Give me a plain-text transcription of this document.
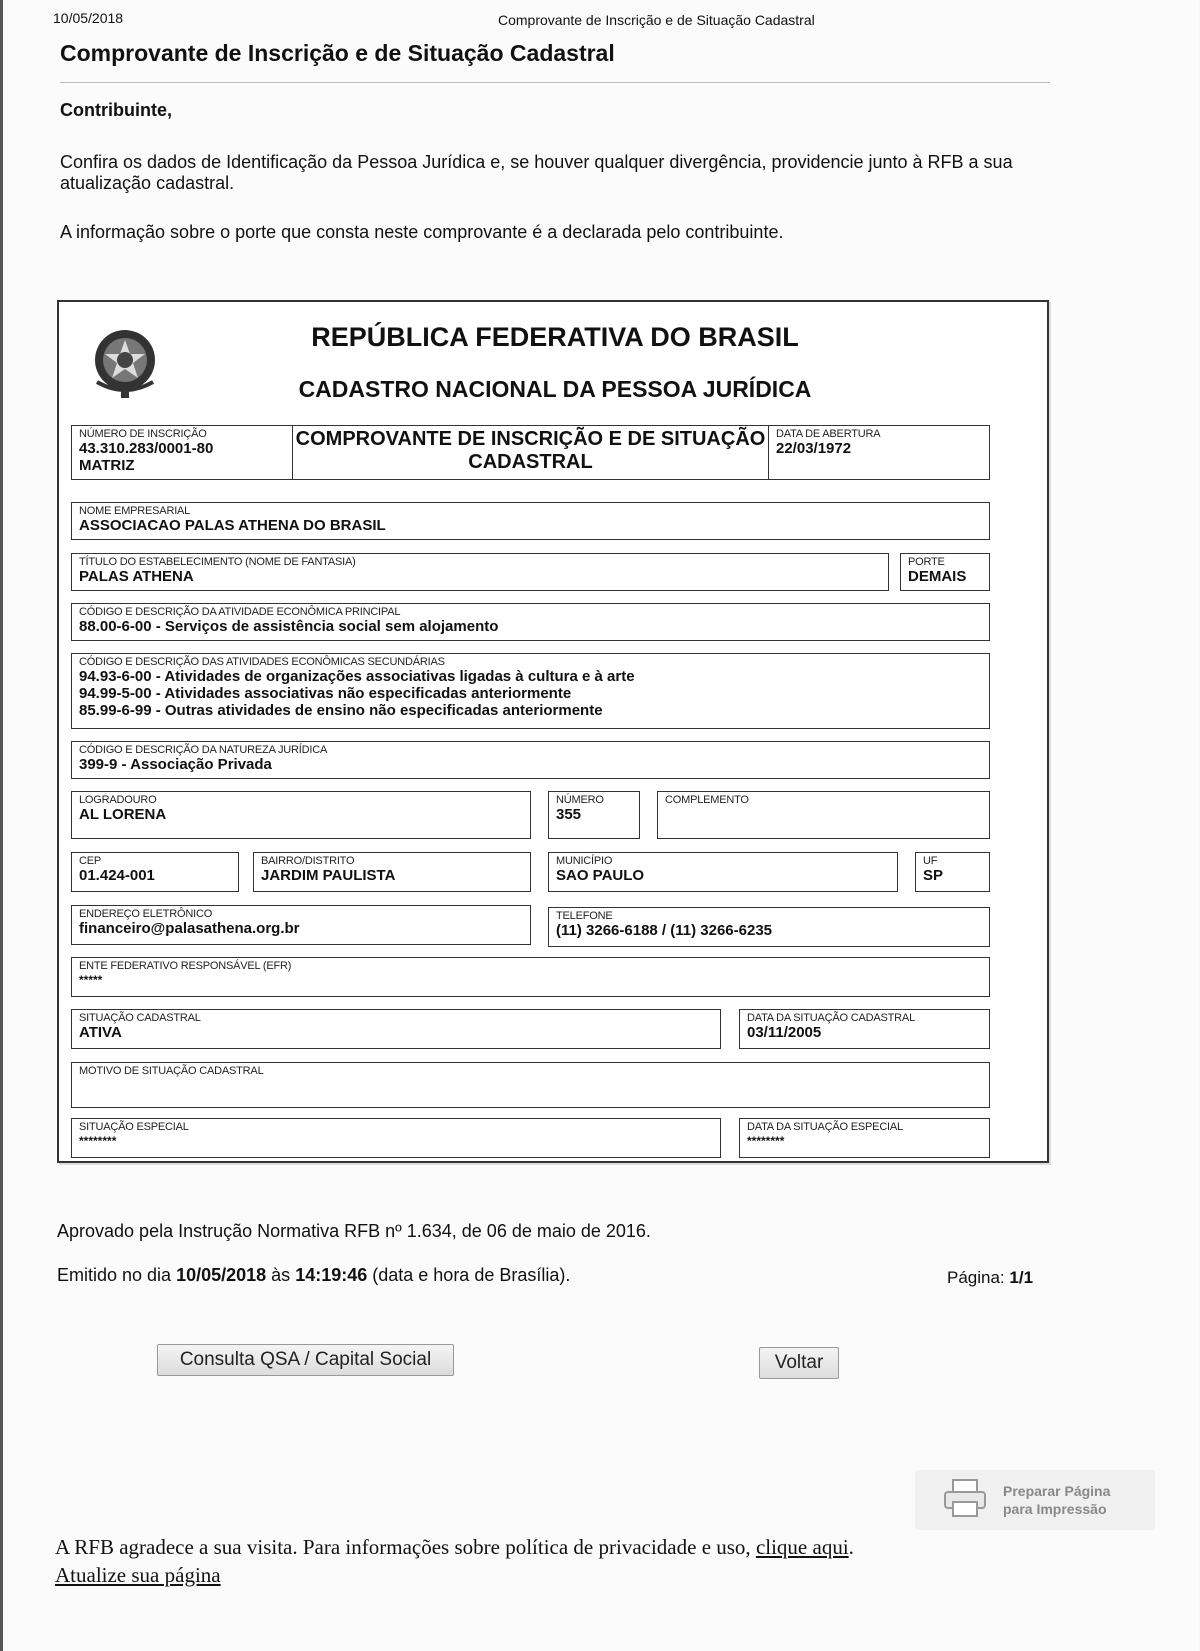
10/05/2018	Comprovante de Inscrição e de Situação Cadastral
Comprovante de Inscrição e de Situação Cadastral
Contribuinte,
Confira os dados de Identificação da Pessoa Jurídica e, se houver qualquer divergência, providencie junto à RFB a sua atualização cadastral.
A informação sobre o porte que consta neste comprovante é a declarada pelo contribuinte.
REPÚBLICA FEDERATIVA DO BRASIL
CADASTRO NACIONAL DA PESSOA JURÍDICA
NÚMERO DE INSCRIÇÃO
43.310.283/0001-80
MATRIZ
COMPROVANTE DE INSCRIÇÃO E DE SITUAÇÃO CADASTRAL
DATA DE ABERTURA
22/03/1972
NOME EMPRESARIAL
ASSOCIACAO PALAS ATHENA DO BRASIL
TÍTULO DO ESTABELECIMENTO (NOME DE FANTASIA)
PALAS ATHENA
PORTE
DEMAIS
CÓDIGO E DESCRIÇÃO DA ATIVIDADE ECONÔMICA PRINCIPAL
88.00-6-00 - Serviços de assistência social sem alojamento
CÓDIGO E DESCRIÇÃO DAS ATIVIDADES ECONÔMICAS SECUNDÁRIAS
94.93-6-00 - Atividades de organizações associativas ligadas à cultura e à arte
94.99-5-00 - Atividades associativas não especificadas anteriormente
85.99-6-99 - Outras atividades de ensino não especificadas anteriormente
CÓDIGO E DESCRIÇÃO DA NATUREZA JURÍDICA
399-9 - Associação Privada
LOGRADOURO
AL LORENA
NÚMERO
355
COMPLEMENTO
CEP
01.424-001
BAIRRO/DISTRITO
JARDIM PAULISTA
MUNICÍPIO
SAO PAULO
UF
SP
ENDEREÇO ELETRÔNICO
financeiro@palasathena.org.br
TELEFONE
(11) 3266-6188 / (11) 3266-6235
ENTE FEDERATIVO RESPONSÁVEL (EFR)
*****
SITUAÇÃO CADASTRAL
ATIVA
DATA DA SITUAÇÃO CADASTRAL
03/11/2005
MOTIVO DE SITUAÇÃO CADASTRAL
SITUAÇÃO ESPECIAL
********
DATA DA SITUAÇÃO ESPECIAL
********
Aprovado pela Instrução Normativa RFB nº 1.634, de 06 de maio de 2016.
Emitido no dia 10/05/2018 às 14:19:46 (data e hora de Brasília).	Página: 1/1
Consulta QSA / Capital Social	Voltar
Preparar Página
para Impressão
A RFB agradece a sua visita. Para informações sobre política de privacidade e uso, clique aqui.
Atualize sua página
